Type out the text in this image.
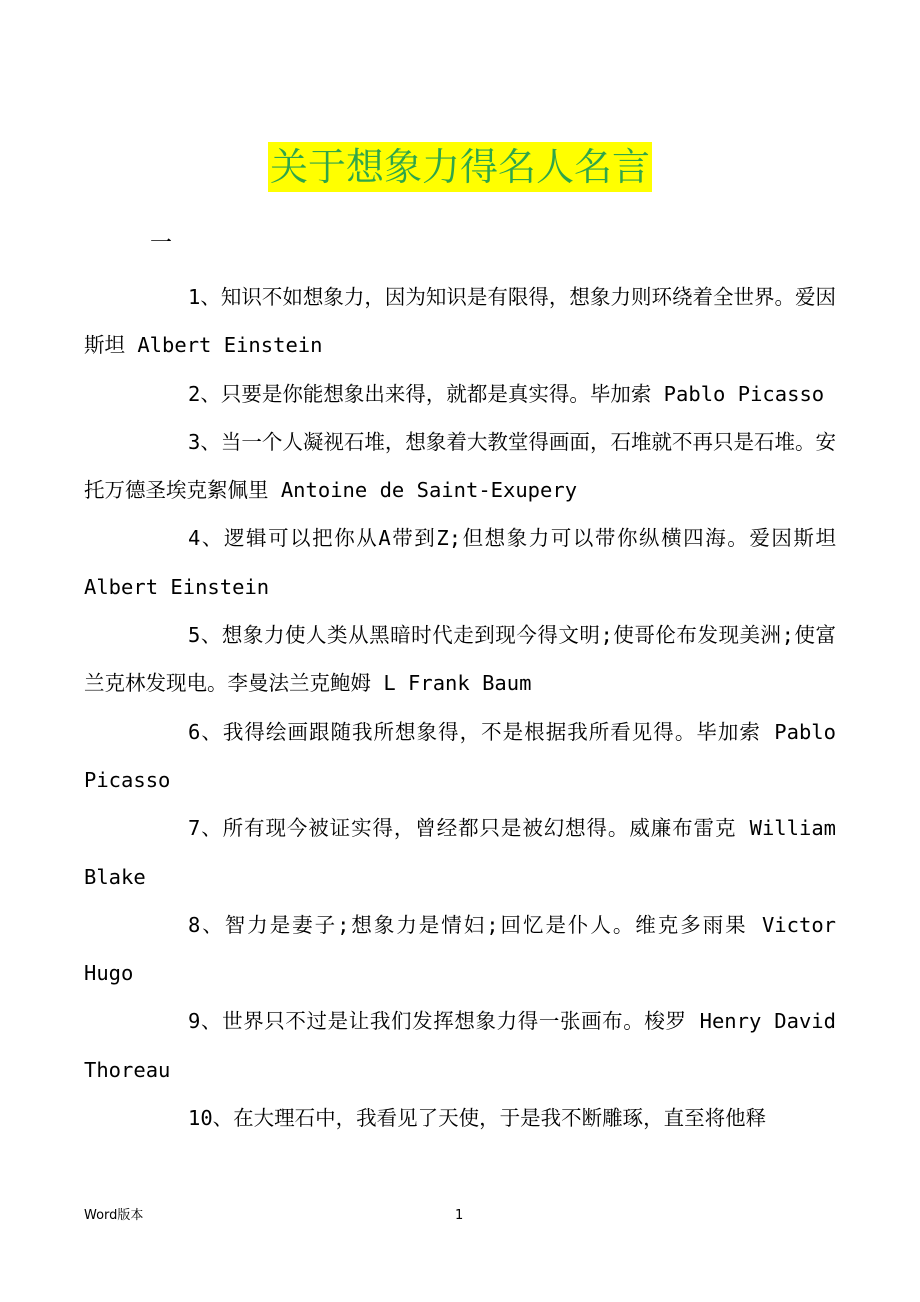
关于想象力得名人名言
一

1、知识不如想象力，因为知识是有限得，想象力则环绕着全世界。爱因斯坦 Albert Einstein

2、只要是你能想象出来得，就都是真实得。毕加索 Pablo Picasso

3、当一个人凝视石堆，想象着大教堂得画面，石堆就不再只是石堆。安托万德圣埃克絮佩里 Antoine de Saint-Exupery

4、逻辑可以把你从A带到Z;但想象力可以带你纵横四海。爱因斯坦 Albert Einstein

5、想象力使人类从黑暗时代走到现今得文明;使哥伦布发现美洲;使富兰克林发现电。李曼法兰克鲍姆 L Frank Baum

6、我得绘画跟随我所想象得，不是根据我所看见得。毕加索 Pablo Picasso

7、所有现今被证实得，曾经都只是被幻想得。威廉布雷克 William Blake

8、智力是妻子;想象力是情妇;回忆是仆人。维克多雨果 Victor Hugo

9、世界只不过是让我们发挥想象力得一张画布。梭罗 Henry David Thoreau

10、在大理石中，我看见了天使，于是我不断雕琢，直至将他释

Word版本	1
